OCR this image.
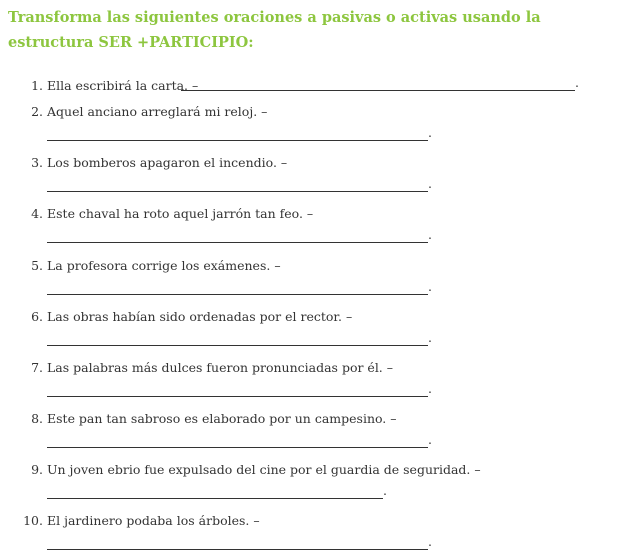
Transforma las siguientes oraciones a pasivas o activas usando la estructura SER +PARTICIPIO:
1. Ella escribirá la carta. –	.
2. Aquel anciano arreglará mi reloj. –
.
3. Los bomberos apagaron el incendio. –
.
4. Este chaval ha roto aquel jarrón tan feo. –
.
5. La profesora corrige los exámenes. –
.
6. Las obras habían sido ordenadas por el rector. –
.
7. Las palabras más dulces fueron pronunciadas por él. –
.
8. Este pan tan sabroso es elaborado por un campesino. –
.
9. Un joven ebrio fue expulsado del cine por el guardia de seguridad. –
.
10. El jardinero podaba los árboles. –
.
